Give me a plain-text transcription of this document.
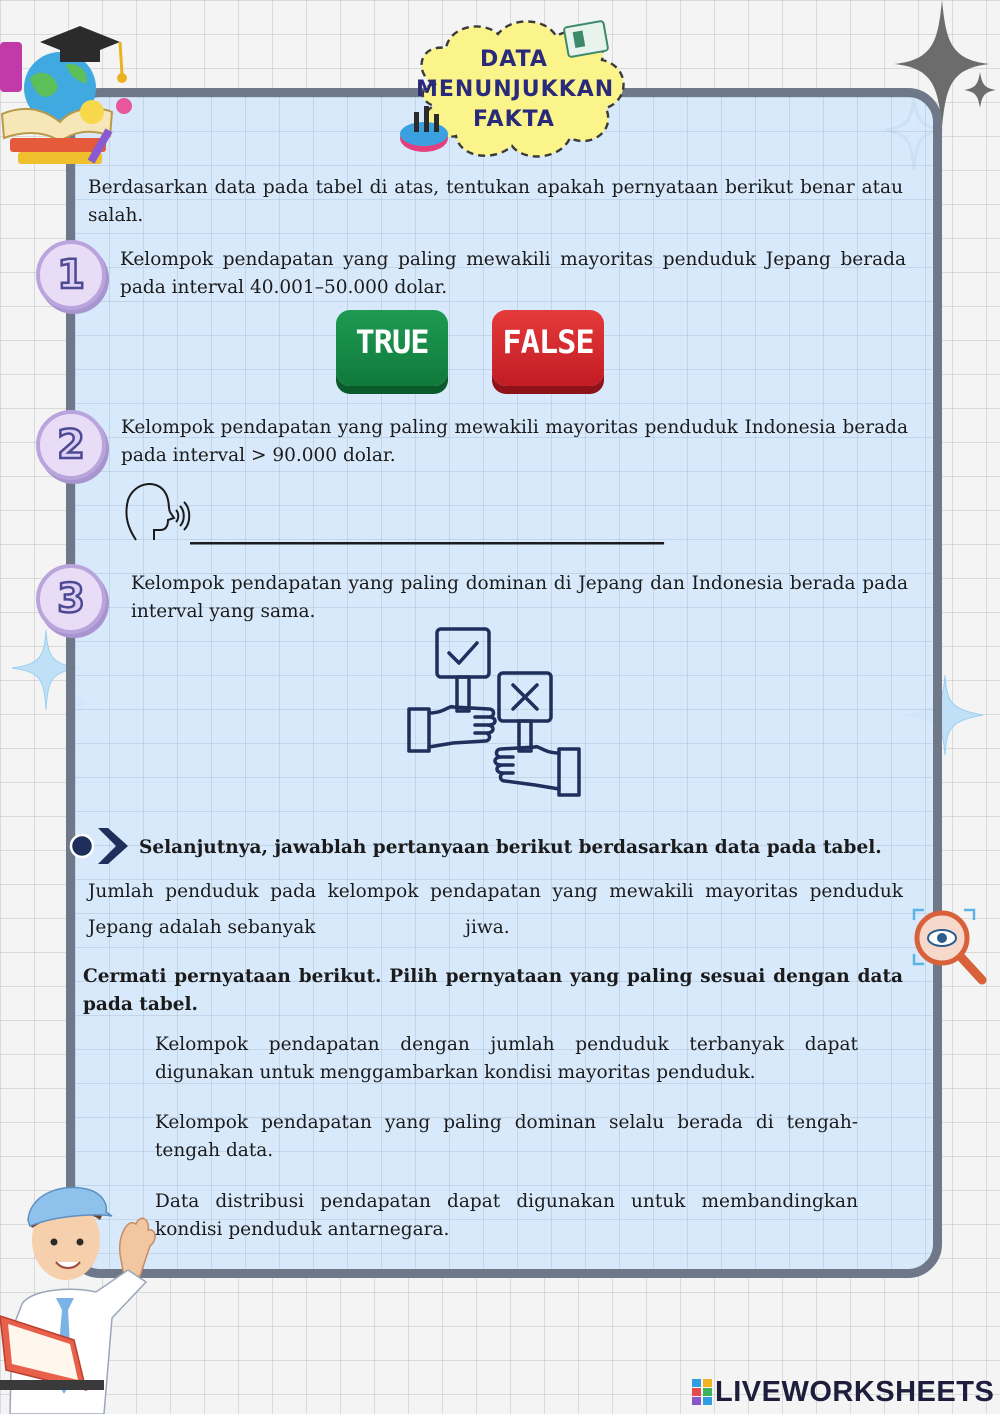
DATA
MENUNJUKKAN
FAKTA
Berdasarkan data pada tabel di atas, tentukan apakah pernyataan berikut benar atau salah.
1	Kelompok pendapatan yang paling mewakili mayoritas penduduk Jepang berada pada interval 40.001–50.000 dolar.
TRUE	FALSE
2	Kelompok pendapatan yang paling mewakili mayoritas penduduk Indonesia berada pada interval > 90.000 dolar.
____________________________________________
3	Kelompok pendapatan yang paling dominan di Jepang dan Indonesia berada pada interval yang sama.
Selanjutnya, jawablah pertanyaan berikut berdasarkan data pada tabel.
Jumlah penduduk pada kelompok pendapatan yang mewakili mayoritas penduduk Jepang adalah sebanyak	jiwa.
Cermati pernyataan berikut. Pilih pernyataan yang paling sesuai dengan data pada tabel.
Kelompok pendapatan dengan jumlah penduduk terbanyak dapat digunakan untuk menggambarkan kondisi mayoritas penduduk.
Kelompok pendapatan yang paling dominan selalu berada di tengah-tengah data.
Data distribusi pendapatan dapat digunakan untuk membandingkan kondisi penduduk antarnegara.
LIVEWORKSHEETS
